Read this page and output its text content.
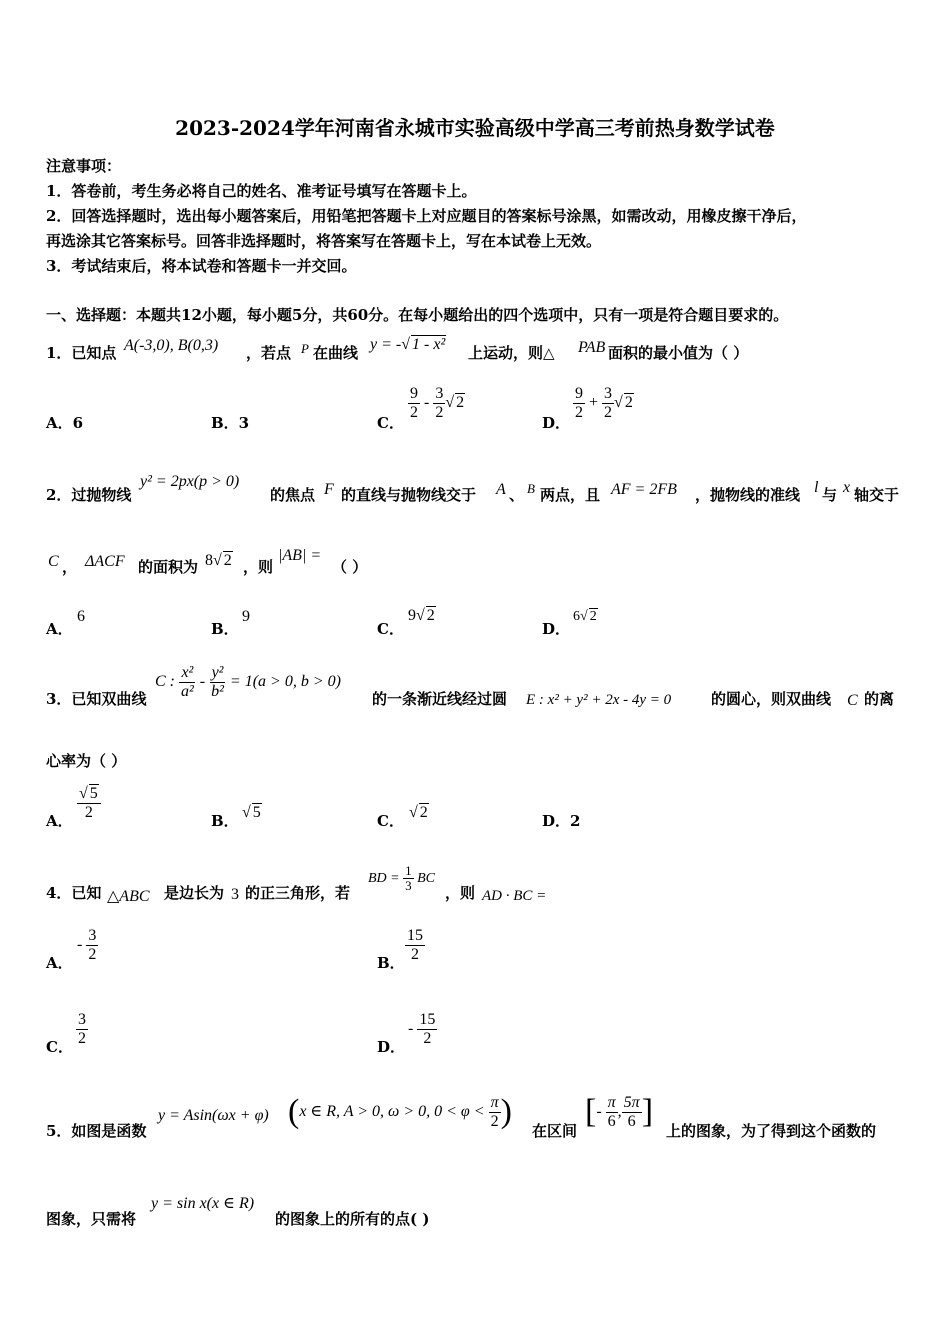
2023-2024学年河南省永城市实验高级中学高三考前热身数学试卷
注意事项：
1．答卷前，考生务必将自己的姓名、准考证号填写在答题卡上。
2．回答选择题时，选出每小题答案后，用铅笔把答题卡上对应题目的答案标号涂黑，如需改动，用橡皮擦干净后，
再选涂其它答案标号。回答非选择题时，将答案写在答题卡上，写在本试卷上无效。
3．考试结束后，将本试卷和答题卡一并交回。
一、选择题：本题共12小题，每小题5分，共60分。在每小题给出的四个选项中，只有一项是符合题目要求的。
1．已知点 A(-3,0), B(0,3) ，若点 P 在曲线 y = -√ 1 - x² 上运动，则△ PAB 面积的最小值为（ ）
A．6	B．3	C．
$\frac{9}{2} - \frac{3}{2}$ √ 2
D．
$\frac{9}{2} + \frac{3}{2}$ √ 2
2．过抛物线
y² = 2px(p > 0)
的焦点 F 的直线与抛物线交于 A 、 B 两点，且 AF = 2FB ，抛物线的准线 l 与 x 轴交于
C ， ΔACF 的面积为 8√ 2 ，则
|AB| =
（ ）
A．
6
B．
9
C．
9√ 2
D．
6√ 2
3．已知双曲线
C : $\frac{\text{x²}}{\text{a²}} - \frac{\text{y²}}{\text{b²}} = 1(a > 0$, b > 0)
的一条渐近线经过圆 E : x² + y² + 2x - 4y = 0	的圆心，则双曲线 C 的离
心率为（ ）
A． $\frac{√ 5}{2}$	B． √ 5	C． √ 2	D．2
4．已知 △ABC 是边长为 3 的正三角形，若
BD = $\frac{1}{3}$ BC
，则 AD · BC =
A．
- $\frac{3}{2}$	B． $\frac{15}{2}$
C． $\frac{3}{2}$	D．
- $\frac{15}{2}$
5．如图是函数
y = Asin(ωx + φ) (x ∈ R, A > 0, ω > 0, $0 < \varphi < \frac{\pi}{2}$ )
在区间
[- $\frac{\pi}{6}$ , $\frac{5\pi}{6}$ ]
上的图象，为了得到这个函数的
图象，只需将
y = sin x(x ∈ R)
的图象上的所有的点( )
